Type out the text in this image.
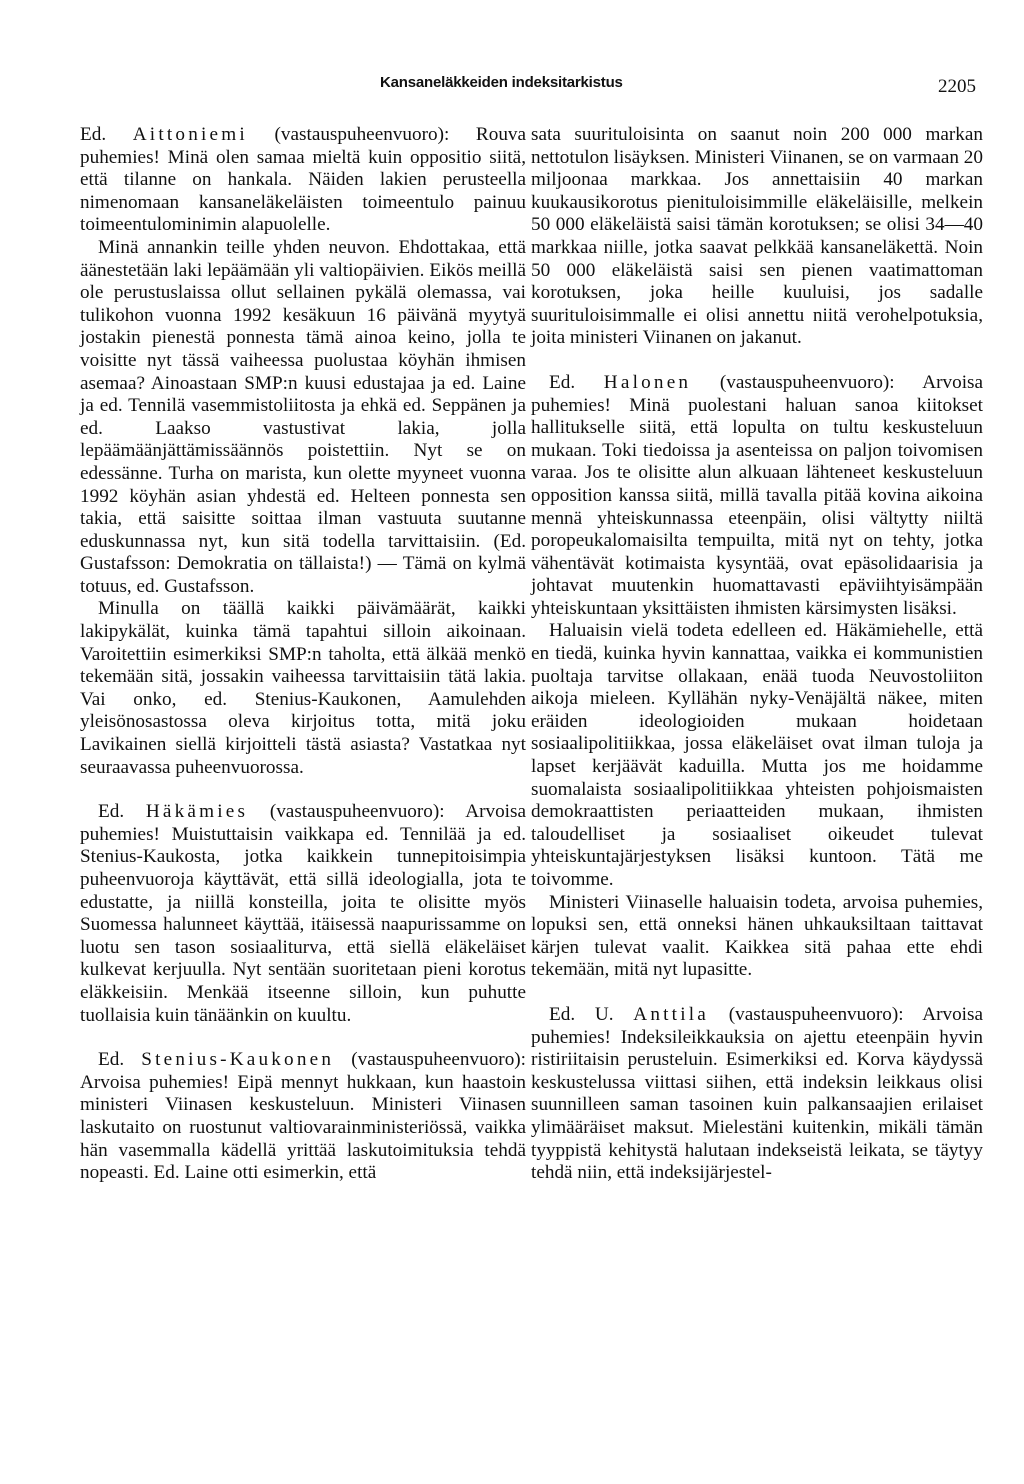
Kansaneläkkeiden indeksitarkistus	2205

Ed. Aittoniemi (vastauspuheenvuoro): Rouva puhemies! Minä olen samaa mieltä kuin oppositio siitä, että tilanne on hankala. Näiden lakien perusteella nimenomaan kansaneläkeläisten toimeentulo painuu toimeentulominimin alapuolelle.

Minä annankin teille yhden neuvon. Ehdottakaa, että äänestetään laki lepäämään yli valtiopäivien. Eikös meillä ole perustuslaissa ollut sellainen pykälä olemassa, vai tulikohon vuonna 1992 kesäkuun 16 päivänä myytyä jostakin pienestä ponnesta tämä ainoa keino, jolla te voisitte nyt tässä vaiheessa puolustaa köyhän ihmisen asemaa? Ainoastaan SMP:n kuusi edustajaa ja ed. Laine ja ed. Tennilä vasemmistoliitosta ja ehkä ed. Seppänen ja ed. Laakso vastustivat lakia, jolla lepäämäänjättämissäännös poistettiin. Nyt se on edessänne. Turha on marista, kun olette myyneet vuonna 1992 köyhän asian yhdestä ed. Helteen ponnesta sen takia, että saisitte soittaa ilman vastuuta suutanne eduskunnassa nyt, kun sitä todella tarvittaisiin. (Ed. Gustafsson: Demokratia on tällaista!) — Tämä on kylmä totuus, ed. Gustafsson.

Minulla on täällä kaikki päivämäärät, kaikki lakipykälät, kuinka tämä tapahtui silloin aikoinaan. Varoitettiin esimerkiksi SMP:n taholta, että älkää menkö tekemään sitä, jossakin vaiheessa tarvittaisiin tätä lakia. Vai onko, ed. Stenius-Kaukonen, Aamulehden yleisönosastossa oleva kirjoitus totta, mitä joku Lavikainen siellä kirjoitteli tästä asiasta? Vastatkaa nyt seuraavassa puheenvuorossa.

Ed. Häkämies (vastauspuheenvuoro): Arvoisa puhemies! Muistuttaisin vaikkapa ed. Tennilää ja ed. Stenius-Kaukosta, jotka kaikkein tunnepitoisimpia puheenvuoroja käyttävät, että sillä ideologialla, jota te edustatte, ja niillä konsteilla, joita te olisitte myös Suomessa halunneet käyttää, itäisessä naapurissamme on luotu sen tason sosiaaliturva, että siellä eläkeläiset kulkevat kerjuulla. Nyt sentään suoritetaan pieni korotus eläkkeisiin. Menkää itseenne silloin, kun puhutte tuollaisia kuin tänäänkin on kuultu.

Ed. Stenius-Kaukonen (vastauspuheenvuoro): Arvoisa puhemies! Eipä mennyt hukkaan, kun haastoin ministeri Viinasen keskusteluun. Ministeri Viinasen laskutaito on ruostunut valtiovarainministeriössä, vaikka hän vasemmalla kädellä yrittää laskutoimituksia tehdä nopeasti. Ed. Laine otti esimerkin, että

sata suurituloisinta on saanut noin 200 000 markan nettotulon lisäyksen. Ministeri Viinanen, se on varmaan 20 miljoonaa markkaa. Jos annettaisiin 40 markan kuukausikorotus pienituloisimmille eläkeläisille, melkein 50 000 eläkeläistä saisi tämän korotuksen; se olisi 34—40 markkaa niille, jotka saavat pelkkää kansaneläkettä. Noin 50 000 eläkeläistä saisi sen pienen vaatimattoman korotuksen, joka heille kuuluisi, jos sadalle suurituloisimmalle ei olisi annettu niitä verohelpotuksia, joita ministeri Viinanen on jakanut.

Ed. Halonen (vastauspuheenvuoro): Arvoisa puhemies! Minä puolestani haluan sanoa kiitokset hallitukselle siitä, että lopulta on tultu keskusteluun mukaan. Toki tiedoissa ja asenteissa on paljon toivomisen varaa. Jos te olisitte alun alkuaan lähteneet keskusteluun opposition kanssa siitä, millä tavalla pitää kovina aikoina mennä yhteiskunnassa eteenpäin, olisi vältytty niiltä poropeukalomaisilta tempuilta, mitä nyt on tehty, jotka vähentävät kotimaista kysyntää, ovat epäsolidaarisia ja johtavat muutenkin huomattavasti epäviihtyisämpään yhteiskuntaan yksittäisten ihmisten kärsimysten lisäksi.

Haluaisin vielä todeta edelleen ed. Häkämiehelle, että en tiedä, kuinka hyvin kannattaa, vaikka ei kommunistien puoltaja tarvitse ollakaan, enää tuoda Neuvostoliiton aikoja mieleen. Kyllähän nyky-Venäjältä näkee, miten eräiden ideologioiden mukaan hoidetaan sosiaalipolitiikkaa, jossa eläkeläiset ovat ilman tuloja ja lapset kerjäävät kaduilla. Mutta jos me hoidamme suomalaista sosiaalipolitiikkaa yhteisten pohjoismaisten demokraattisten periaatteiden mukaan, ihmisten taloudelliset ja sosiaaliset oikeudet tulevat yhteiskuntajärjestyksen lisäksi kuntoon. Tätä me toivomme.

Ministeri Viinaselle haluaisin todeta, arvoisa puhemies, lopuksi sen, että onneksi hänen uhkauksiltaan taittavat kärjen tulevat vaalit. Kaikkea sitä pahaa ette ehdi tekemään, mitä nyt lupasitte.

Ed. U. Anttila (vastauspuheenvuoro): Arvoisa puhemies! Indeksileikkauksia on ajettu eteenpäin hyvin ristiriitaisin perusteluin. Esimerkiksi ed. Korva käydyssä keskustelussa viittasi siihen, että indeksin leikkaus olisi suunnilleen saman tasoinen kuin palkansaajien erilaiset ylimääräiset maksut. Mielestäni kuitenkin, mikäli tämän tyyppistä kehitystä halutaan indekseistä leikata, se täytyy tehdä niin, että indeksijärjestel-
